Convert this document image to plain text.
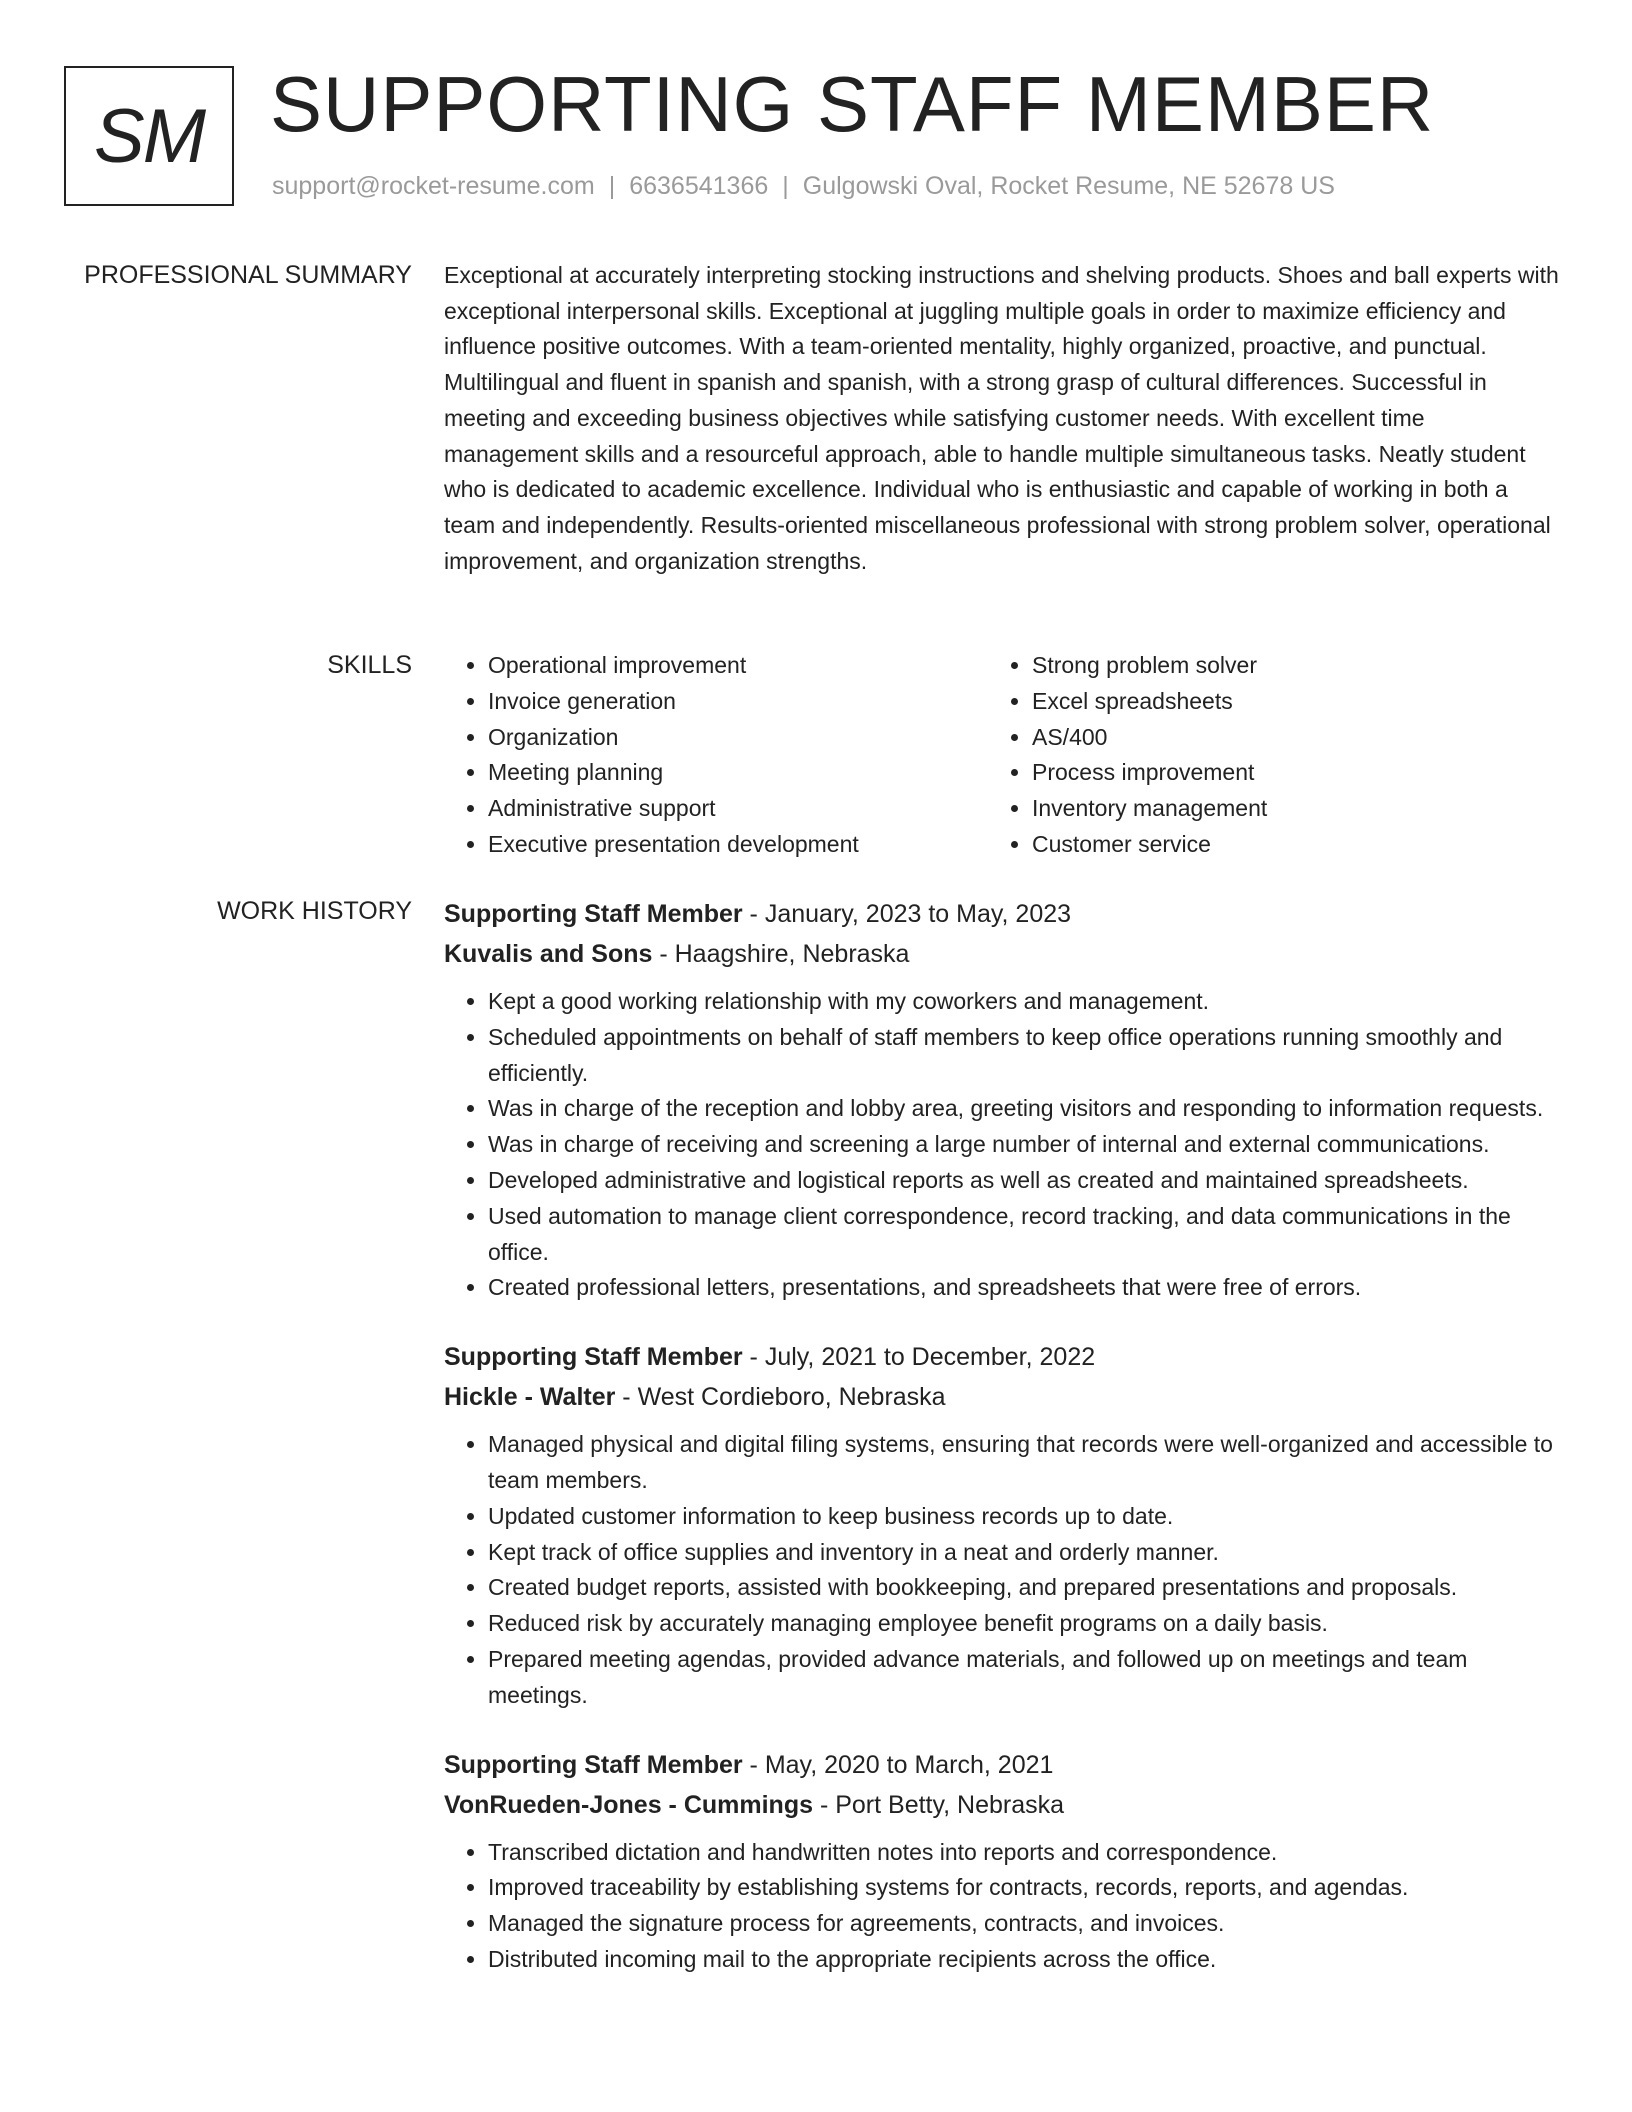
SM SUPPORTING STAFF MEMBER
support@rocket-resume.com | 6636541366 | Gulgowski Oval, Rocket Resume, NE 52678 US
PROFESSIONAL SUMMARY Exceptional at accurately interpreting stocking instructions and shelving products. Shoes and ball experts with exceptional interpersonal skills. Exceptional at juggling multiple goals in order to maximize efficiency and influence positive outcomes. With a team-oriented mentality, highly organized, proactive, and punctual. Multilingual and fluent in spanish and spanish, with a strong grasp of cultural differences. Successful in meeting and exceeding business objectives while satisfying customer needs. With excellent time management skills and a resourceful approach, able to handle multiple simultaneous tasks. Neatly student who is dedicated to academic excellence. Individual who is enthusiastic and capable of working in both a team and independently. Results-oriented miscellaneous professional with strong problem solver, operational improvement, and organization strengths.

SKILLS
•	Operational improvement
• Invoice generation
• Organization
• Meeting planning
• Administrative support
• Executive presentation development
• Strong problem solver
• Excel spreadsheets
• AS/400
• Process improvement
• Inventory management
• Customer service
WORK HISTORY Supporting Staff Member - January, 2023 to May, 2023
Kuvalis and Sons - Haagshire, Nebraska
• Kept a good working relationship with my coworkers and management.
• Scheduled appointments on behalf of staff members to keep office operations running smoothly and efficiently.
• Was in charge of the reception and lobby area, greeting visitors and responding to information requests.
• Was in charge of receiving and screening a large number of internal and external communications.
• Developed administrative and logistical reports as well as created and maintained spreadsheets.
• Used automation to manage client correspondence, record tracking, and data communications in the office.
• Created professional letters, presentations, and spreadsheets that were free of errors.
Supporting Staff Member - July, 2021 to December, 2022
Hickle - Walter - West Cordieboro, Nebraska
• Managed physical and digital filing systems, ensuring that records were well-organized and accessible to team members.
• Updated customer information to keep business records up to date.
• Kept track of office supplies and inventory in a neat and orderly manner.
• Created budget reports, assisted with bookkeeping, and prepared presentations and proposals.
• Reduced risk by accurately managing employee benefit programs on a daily basis.
• Prepared meeting agendas, provided advance materials, and followed up on meetings and team meetings.
Supporting Staff Member - May, 2020 to March, 2021
VonRueden-Jones - Cummings - Port Betty, Nebraska
• Transcribed dictation and handwritten notes into reports and correspondence.
• Improved traceability by establishing systems for contracts, records, reports, and agendas.
• Managed the signature process for agreements, contracts, and invoices.
• Distributed incoming mail to the appropriate recipients across the office.
